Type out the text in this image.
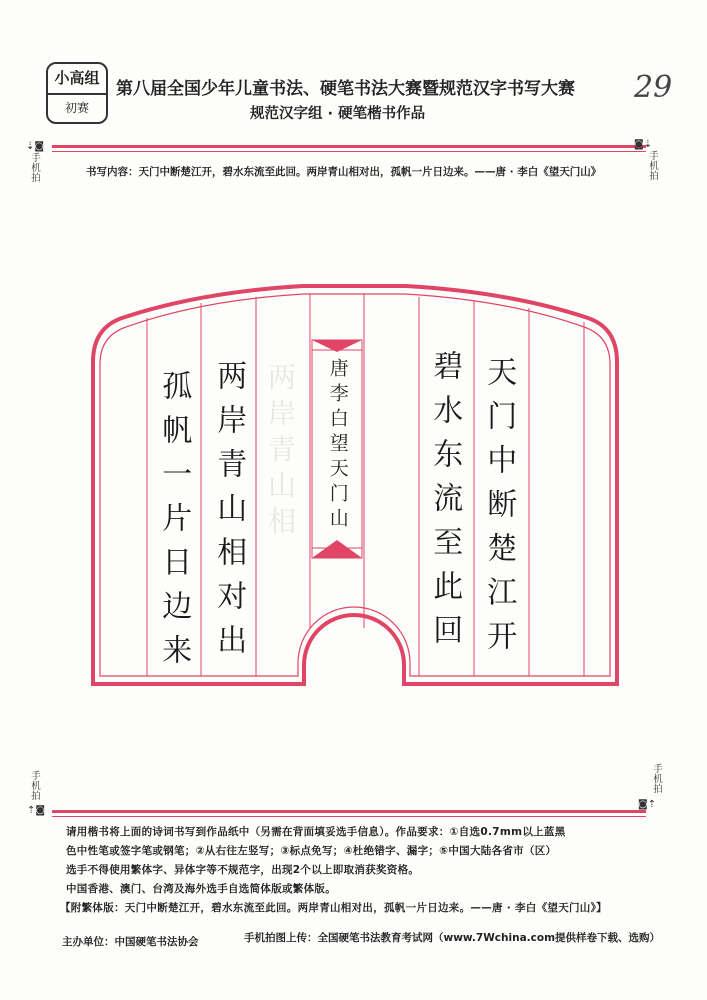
小高组
初赛
第八届全国少年儿童书法、硬笔书法大赛暨规范汉字书写大赛
规范汉字组 · 硬笔楷书作品
29
⇣◙
手机拍
◙⇣
手机拍
手机拍
⇡◙
手机拍
◙⇡
书写内容：天门中断楚江开，碧水东流至此回。两岸青山相对出，孤帆一片日边来。——唐 · 李白《望天门山》
两
岸
青
山
相	天门中断楚江开
碧水东流至此回
两岸青山相对出
孤帆一片日边来	唐李白望天门山
请用楷书将上面的诗词书写到作品纸中（另需在背面填妥选手信息）。作品要求：①自选0.7mm以上蓝黑
色中性笔或签字笔或钢笔；②从右往左竖写；③标点免写；④杜绝错字、漏字；⑤中国大陆各省市（区）
选手不得使用繁体字、异体字等不规范字，出现2个以上即取消获奖资格。
中国香港、澳门、台湾及海外选手自选简体版或繁体版。
【附繁体版：天门中断楚江开，碧水东流至此回。两岸青山相对出，孤帆一片日边来。——唐 · 李白《望天门山》】
主办单位：中国硬笔书法协会	手机拍图上传：全国硬笔书法教育考试网（www.7Wchina.com提供样卷下载、选购）
